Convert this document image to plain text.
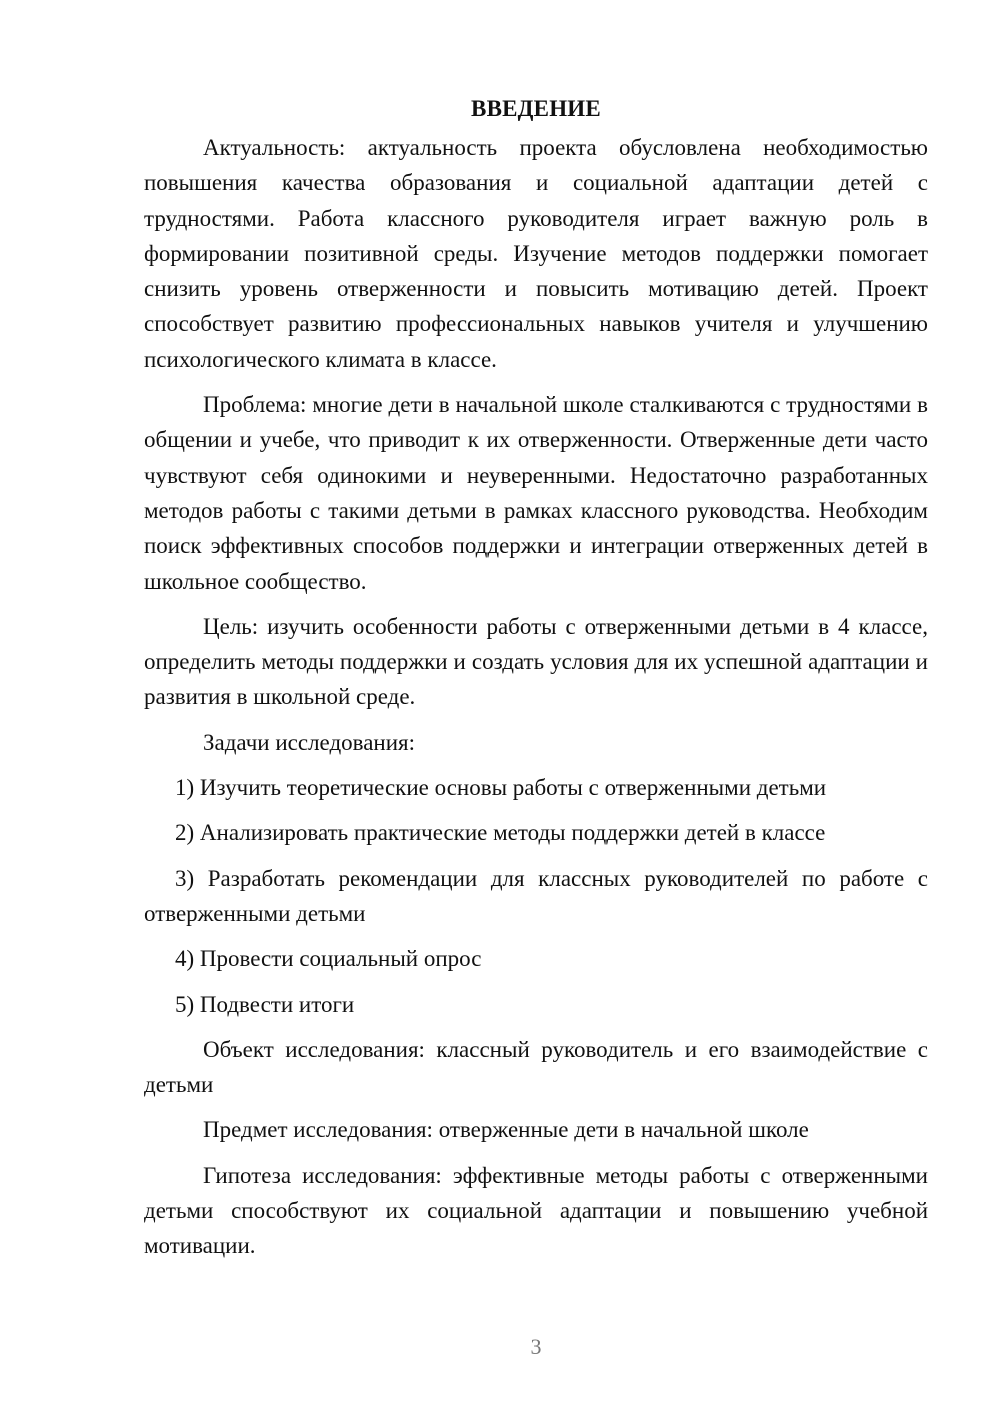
ВВЕДЕНИЕ

Актуальность: актуальность проекта обусловлена необходимостью повышения качества образования и социальной адаптации детей с трудностями. Работа классного руководителя играет важную роль в формировании позитивной среды. Изучение методов поддержки помогает снизить уровень отверженности и повысить мотивацию детей. Проект способствует развитию профессиональных навыков учителя и улучшению психологического климата в классе.

Проблема: многие дети в начальной школе сталкиваются с трудностями в общении и учебе, что приводит к их отверженности. Отверженные дети часто чувствуют себя одинокими и неуверенными. Недостаточно разработанных методов работы с такими детьми в рамках классного руководства. Необходим поиск эффективных способов поддержки и интеграции отверженных детей в школьное сообщество.

Цель: изучить особенности работы с отверженными детьми в 4 классе, определить методы поддержки и создать условия для их успешной адаптации и развития в школьной среде.

Задачи исследования:

1) Изучить теоретические основы работы с отверженными детьми

2) Анализировать практические методы поддержки детей в классе

3) Разработать рекомендации для классных руководителей по работе с отверженными детьми

4) Провести социальный опрос

5) Подвести итоги

Объект исследования: классный руководитель и его взаимодействие с детьми

Предмет исследования: отверженные дети в начальной школе

Гипотеза исследования: эффективные методы работы с отверженными детьми способствуют их социальной адаптации и повышению учебной мотивации.

3
